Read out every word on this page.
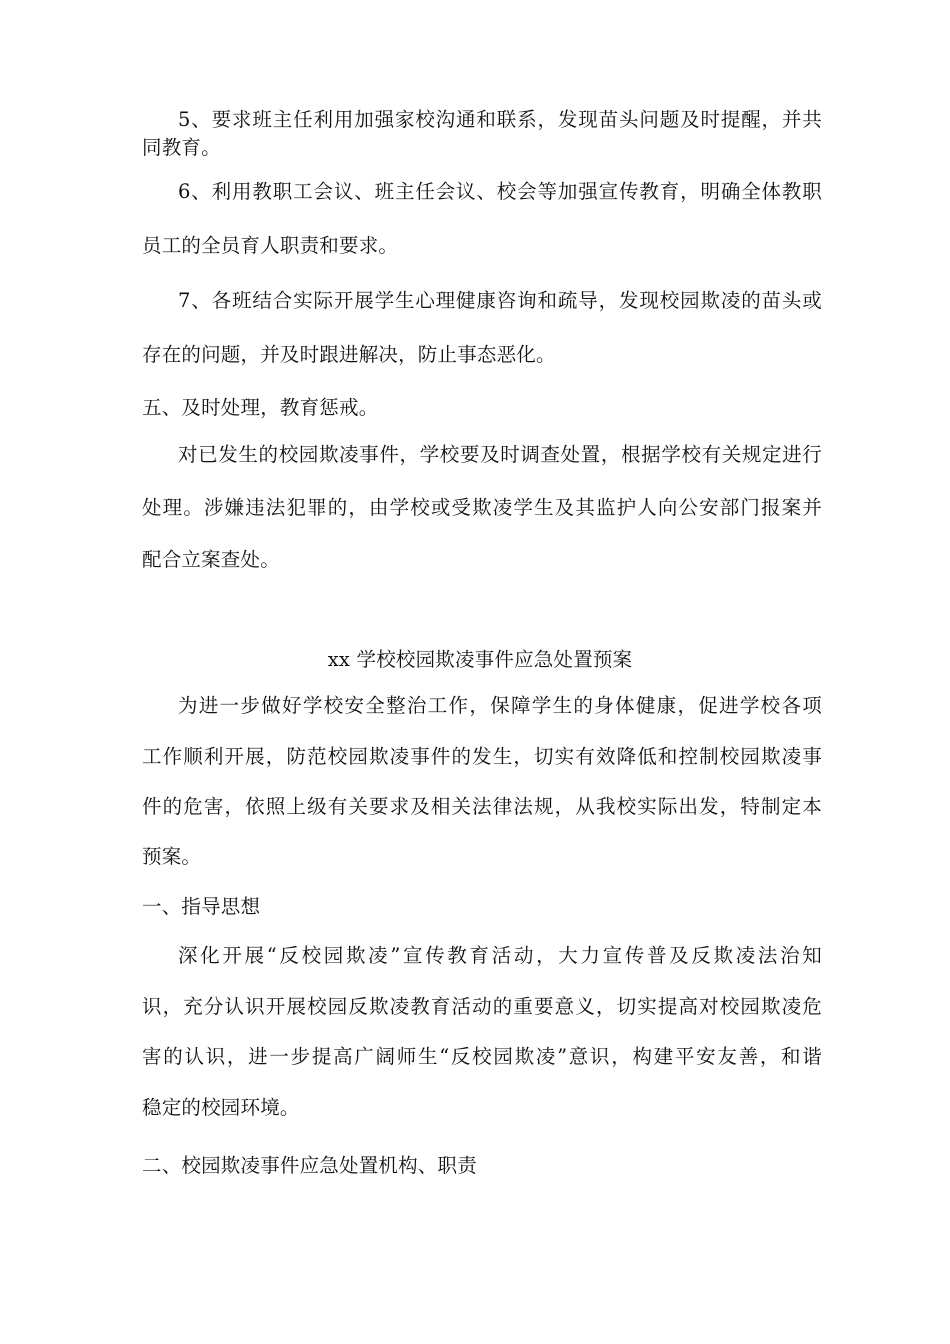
5、要求班主任利用加强家校沟通和联系，发现苗头问题及时提醒，并共
同教育。
6、利用教职工会议、班主任会议、校会等加强宣传教育，明确全体教职
员工的全员育人职责和要求。
7、各班结合实际开展学生心理健康咨询和疏导，发现校园欺凌的苗头或
存在的问题，并及时跟进解决，防止事态恶化。
五、及时处理，教育惩戒。
对已发生的校园欺凌事件，学校要及时调查处置，根据学校有关规定进行
处理。涉嫌违法犯罪的，由学校或受欺凌学生及其监护人向公安部门报案并
配合立案查处。
xx 学校校园欺凌事件应急处置预案
为进一步做好学校安全整治工作，保障学生的身体健康，促进学校各项
工作顺利开展，防范校园欺凌事件的发生，切实有效降低和控制校园欺凌事
件的危害，依照上级有关要求及相关法律法规，从我校实际出发，特制定本
预案。
一、指导思想
深化开展“反校园欺凌”宣传教育活动，大力宣传普及反欺凌法治知
识，充分认识开展校园反欺凌教育活动的重要意义，切实提高对校园欺凌危
害的认识，进一步提高广阔师生“反校园欺凌”意识，构建平安友善，和谐
稳定的校园环境。
二、校园欺凌事件应急处置机构、职责
